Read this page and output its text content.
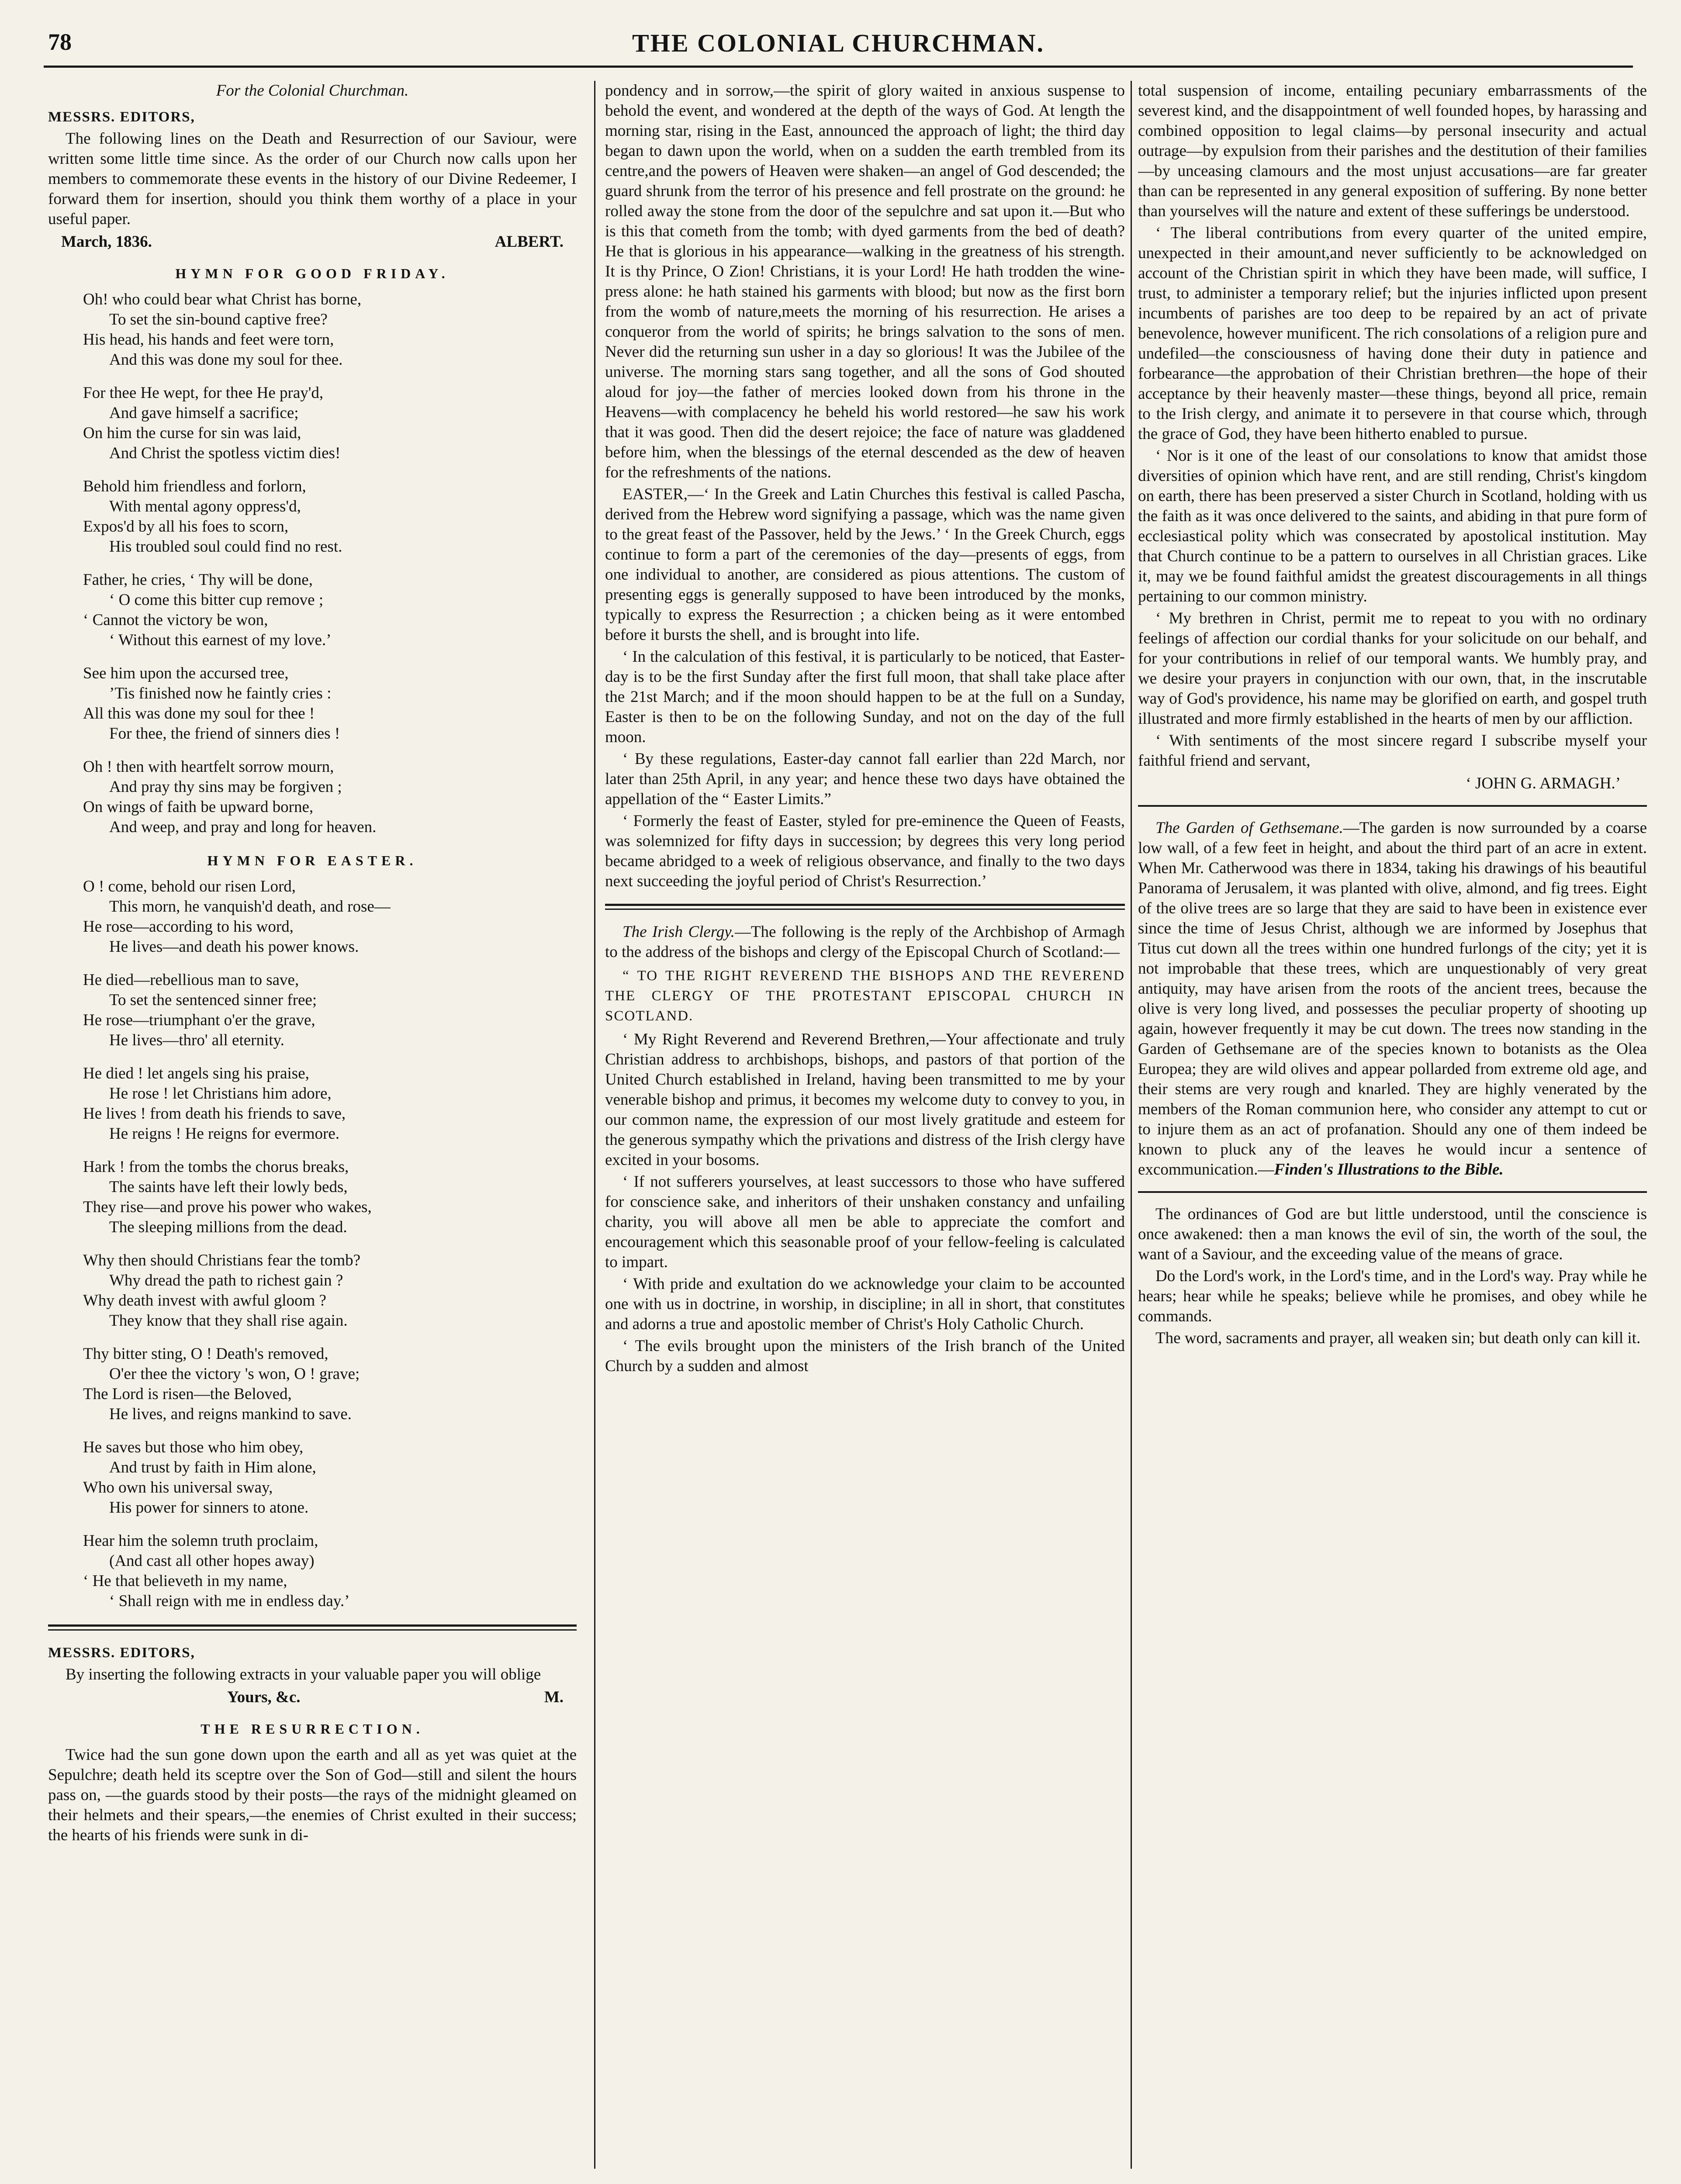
78	THE COLONIAL CHURCHMAN.

For the Colonial Churchman.

MESSRS. EDITORS,

The following lines on the Death and Resurrection of our Saviour, were written some little time since. As the order of our Church now calls upon her members to commemorate these events in the history of our Divine Redeemer, I forward them for insertion, should you think them worthy of a place in your useful paper.

March, 1836.	ALBERT.
HYMN FOR GOOD FRIDAY.
Oh! who could bear what Christ has borne,
To set the sin-bound captive free?
His head, his hands and feet were torn,
And this was done my soul for thee.
For thee He wept, for thee He pray'd,
And gave himself a sacrifice;
On him the curse for sin was laid,
And Christ the spotless victim dies!
Behold him friendless and forlorn,
With mental agony oppress'd,
Expos'd by all his foes to scorn,
His troubled soul could find no rest.
Father, he cries, ‘ Thy will be done,
‘ O come this bitter cup remove ;
‘ Cannot the victory be won,
‘ Without this earnest of my love.’
See him upon the accursed tree,
’Tis finished now he faintly cries :
All this was done my soul for thee !
For thee, the friend of sinners dies !
Oh ! then with heartfelt sorrow mourn,
And pray thy sins may be forgiven ;
On wings of faith be upward borne,
And weep, and pray and long for heaven.
HYMN FOR EASTER.
O ! come, behold our risen Lord,
This morn, he vanquish'd death, and rose—
He rose—according to his word,
He lives—and death his power knows.
He died—rebellious man to save,
To set the sentenced sinner free;
He rose—triumphant o'er the grave,
He lives—thro' all eternity.
He died ! let angels sing his praise,
He rose ! let Christians him adore,
He lives ! from death his friends to save,
He reigns ! He reigns for evermore.
Hark ! from the tombs the chorus breaks,
The saints have left their lowly beds,
They rise—and prove his power who wakes,
The sleeping millions from the dead.
Why then should Christians fear the tomb?
Why dread the path to richest gain ?
Why death invest with awful gloom ?
They know that they shall rise again.
Thy bitter sting, O ! Death's removed,
O'er thee the victory 's won, O ! grave;
The Lord is risen—the Beloved,
He lives, and reigns mankind to save.
He saves but those who him obey,
And trust by faith in Him alone,
Who own his universal sway,
His power for sinners to atone.
Hear him the solemn truth proclaim,
(And cast all other hopes away)
‘ He that believeth in my name,
‘ Shall reign with me in endless day.’

MESSRS. EDITORS,

By inserting the following extracts in your valuable paper you will oblige

Yours, &c.	M.
THE RESURRECTION.

Twice had the sun gone down upon the earth and all as yet was quiet at the Sepulchre; death held its sceptre over the Son of God—still and silent the hours pass on, —the guards stood by their posts—the rays of the midnight gleamed on their helmets and their spears,—the enemies of Christ exulted in their success; the hearts of his friends were sunk in di-

pondency and in sorrow,—the spirit of glory waited in anxious suspense to behold the event, and wondered at the depth of the ways of God. At length the morning star, rising in the East, announced the approach of light; the third day began to dawn upon the world, when on a sudden the earth trembled from its centre,and the powers of Heaven were shaken—an angel of God descended; the guard shrunk from the terror of his presence and fell prostrate on the ground: he rolled away the stone from the door of the sepulchre and sat upon it.—But who is this that cometh from the tomb; with dyed garments from the bed of death? He that is glorious in his appearance—walking in the greatness of his strength. It is thy Prince, O Zion! Christians, it is your Lord! He hath trodden the wine-press alone: he hath stained his garments with blood; but now as the first born from the womb of nature,meets the morning of his resurrection. He arises a conqueror from the world of spirits; he brings salvation to the sons of men. Never did the returning sun usher in a day so glorious! It was the Jubilee of the universe. The morning stars sang together, and all the sons of God shouted aloud for joy—the father of mercies looked down from his throne in the Heavens—with complacency he beheld his world restored—he saw his work that it was good. Then did the desert rejoice; the face of nature was gladdened before him, when the blessings of the eternal descended as the dew of heaven for the refreshments of the nations.

EASTER,—‘ In the Greek and Latin Churches this festival is called Pascha, derived from the Hebrew word signifying a passage, which was the name given to the great feast of the Passover, held by the Jews.’ ‘ In the Greek Church, eggs continue to form a part of the ceremonies of the day—presents of eggs, from one individual to another, are considered as pious attentions. The custom of presenting eggs is generally supposed to have been introduced by the monks, typically to express the Resurrection ; a chicken being as it were entombed before it bursts the shell, and is brought into life.

‘ In the calculation of this festival, it is particularly to be noticed, that Easter-day is to be the first Sunday after the first full moon, that shall take place after the 21st March; and if the moon should happen to be at the full on a Sunday, Easter is then to be on the following Sunday, and not on the day of the full moon.

‘ By these regulations, Easter-day cannot fall earlier than 22d March, nor later than 25th April, in any year; and hence these two days have obtained the appellation of the “ Easter Limits.”

‘ Formerly the feast of Easter, styled for pre-eminence the Queen of Feasts, was solemnized for fifty days in succession; by degrees this very long period became abridged to a week of religious observance, and finally to the two days next succeeding the joyful period of Christ's Resurrection.’

The Irish Clergy.—The following is the reply of the Archbishop of Armagh to the address of the bishops and clergy of the Episcopal Church of Scotland:—

“ TO THE RIGHT REVEREND THE BISHOPS AND THE REVEREND THE CLERGY OF THE PROTESTANT EPISCOPAL CHURCH IN SCOTLAND.

‘ My Right Reverend and Reverend Brethren,—Your affectionate and truly Christian address to archbishops, bishops, and pastors of that portion of the United Church established in Ireland, having been transmitted to me by your venerable bishop and primus, it becomes my welcome duty to convey to you, in our common name, the expression of our most lively gratitude and esteem for the generous sympathy which the privations and distress of the Irish clergy have excited in your bosoms.

‘ If not sufferers yourselves, at least successors to those who have suffered for conscience sake, and inheritors of their unshaken constancy and unfailing charity, you will above all men be able to appreciate the comfort and encouragement which this seasonable proof of your fellow-feeling is calculated to impart.

‘ With pride and exultation do we acknowledge your claim to be accounted one with us in doctrine, in worship, in discipline; in all in short, that constitutes and adorns a true and apostolic member of Christ's Holy Catholic Church.

‘ The evils brought upon the ministers of the Irish branch of the United Church by a sudden and almost

total suspension of income, entailing pecuniary embarrassments of the severest kind, and the disappointment of well founded hopes, by harassing and combined opposition to legal claims—by personal insecurity and actual outrage—by expulsion from their parishes and the destitution of their families—by unceasing clamours and the most unjust accusations—are far greater than can be represented in any general exposition of suffering. By none better than yourselves will the nature and extent of these sufferings be understood.

‘ The liberal contributions from every quarter of the united empire, unexpected in their amount,and never sufficiently to be acknowledged on account of the Christian spirit in which they have been made, will suffice, I trust, to administer a temporary relief; but the injuries inflicted upon present incumbents of parishes are too deep to be repaired by an act of private benevolence, however munificent. The rich consolations of a religion pure and undefiled—the consciousness of having done their duty in patience and forbearance—the approbation of their Christian brethren—the hope of their acceptance by their heavenly master—these things, beyond all price, remain to the Irish clergy, and animate it to persevere in that course which, through the grace of God, they have been hitherto enabled to pursue.

‘ Nor is it one of the least of our consolations to know that amidst those diversities of opinion which have rent, and are still rending, Christ's kingdom on earth, there has been preserved a sister Church in Scotland, holding with us the faith as it was once delivered to the saints, and abiding in that pure form of ecclesiastical polity which was consecrated by apostolical institution. May that Church continue to be a pattern to ourselves in all Christian graces. Like it, may we be found faithful amidst the greatest discouragements in all things pertaining to our common ministry.

‘ My brethren in Christ, permit me to repeat to you with no ordinary feelings of affection our cordial thanks for your solicitude on our behalf, and for your contributions in relief of our temporal wants. We humbly pray, and we desire your prayers in conjunction with our own, that, in the inscrutable way of God's providence, his name may be glorified on earth, and gospel truth illustrated and more firmly established in the hearts of men by our affliction.

‘ With sentiments of the most sincere regard I subscribe myself your faithful friend and servant,

‘ JOHN G. ARMAGH.’

The Garden of Gethsemane.—The garden is now surrounded by a coarse low wall, of a few feet in height, and about the third part of an acre in extent. When Mr. Catherwood was there in 1834, taking his drawings of his beautiful Panorama of Jerusalem, it was planted with olive, almond, and fig trees. Eight of the olive trees are so large that they are said to have been in existence ever since the time of Jesus Christ, although we are informed by Josephus that Titus cut down all the trees within one hundred furlongs of the city; yet it is not improbable that these trees, which are unquestionably of very great antiquity, may have arisen from the roots of the ancient trees, because the olive is very long lived, and possesses the peculiar property of shooting up again, however frequently it may be cut down. The trees now standing in the Garden of Gethsemane are of the species known to botanists as the Olea Europea; they are wild olives and appear pollarded from extreme old age, and their stems are very rough and knarled. They are highly venerated by the members of the Roman communion here, who consider any attempt to cut or to injure them as an act of profanation. Should any one of them indeed be known to pluck any of the leaves he would incur a sentence of excommunication.—Finden's Illustrations to the Bible.

The ordinances of God are but little understood, until the conscience is once awakened: then a man knows the evil of sin, the worth of the soul, the want of a Saviour, and the exceeding value of the means of grace.

Do the Lord's work, in the Lord's time, and in the Lord's way. Pray while he hears; hear while he speaks; believe while he promises, and obey while he commands.

The word, sacraments and prayer, all weaken sin; but death only can kill it.
